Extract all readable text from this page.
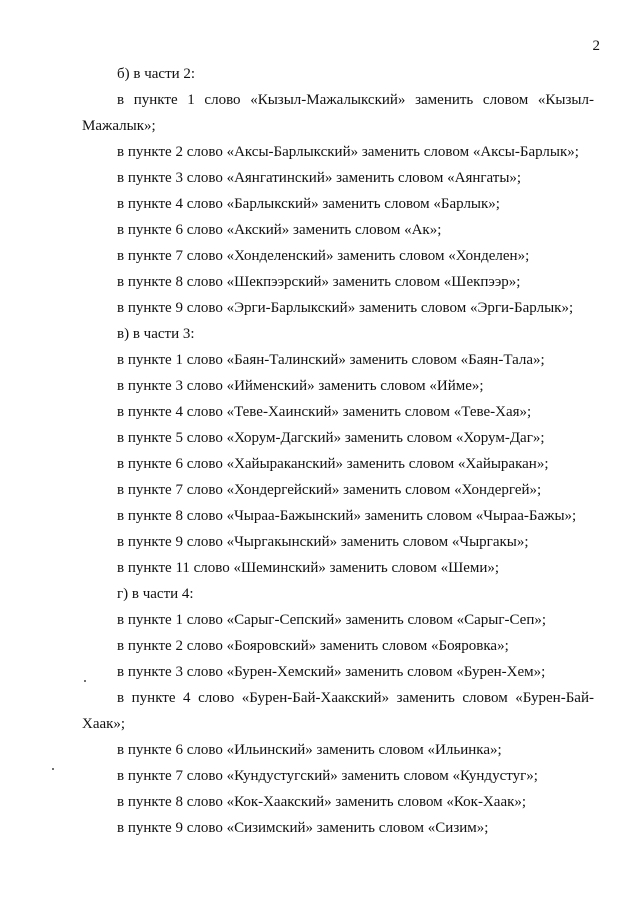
2
б) в части 2:
в пункте 1 слово «Кызыл-Мажалыкский» заменить словом «Кызыл-
Мажалык»;
в пункте 2 слово «Аксы-Барлыкский» заменить словом «Аксы-Барлык»;
в пункте 3 слово «Аянгатинский» заменить словом «Аянгаты»;
в пункте 4 слово «Барлыкский» заменить словом «Барлык»;
в пункте 6 слово «Акский» заменить словом «Ак»;
в пункте 7 слово «Хонделенский» заменить словом «Хонделен»;
в пункте 8 слово «Шекпээрский» заменить словом «Шекпээр»;
в пункте 9 слово «Эрги-Барлыкский» заменить словом «Эрги-Барлык»;
в) в части 3:
в пункте 1 слово «Баян-Талинский» заменить словом «Баян-Тала»;
в пункте 3 слово «Ийменский» заменить словом «Ийме»;
в пункте 4 слово «Теве-Хаинский» заменить словом «Теве-Хая»;
в пункте 5 слово «Хорум-Дагский» заменить словом «Хорум-Даг»;
в пункте 6 слово «Хайыраканский» заменить словом «Хайыракан»;
в пункте 7 слово «Хондергейский» заменить словом «Хондергей»;
в пункте 8 слово «Чыраа-Бажынский» заменить словом «Чыраа-Бажы»;
в пункте 9 слово «Чыргакынский» заменить словом «Чыргакы»;
в пункте 11 слово «Шеминский» заменить словом «Шеми»;
г) в части 4:
в пункте 1 слово «Сарыг-Сепский» заменить словом «Сарыг-Сеп»;
в пункте 2 слово «Бояровский» заменить словом «Бояровка»;
в пункте 3 слово «Бурен-Хемский» заменить словом «Бурен-Хем»;
в пункте 4 слово «Бурен-Бай-Хаакский» заменить словом «Бурен-Бай-
Хаак»;
в пункте 6 слово «Ильинский» заменить словом «Ильинка»;
в пункте 7 слово «Кундустугский» заменить словом «Кундустуг»;
в пункте 8 слово «Кок-Хаакский» заменить словом «Кок-Хаак»;
в пункте 9 слово «Сизимский» заменить словом «Сизим»;
